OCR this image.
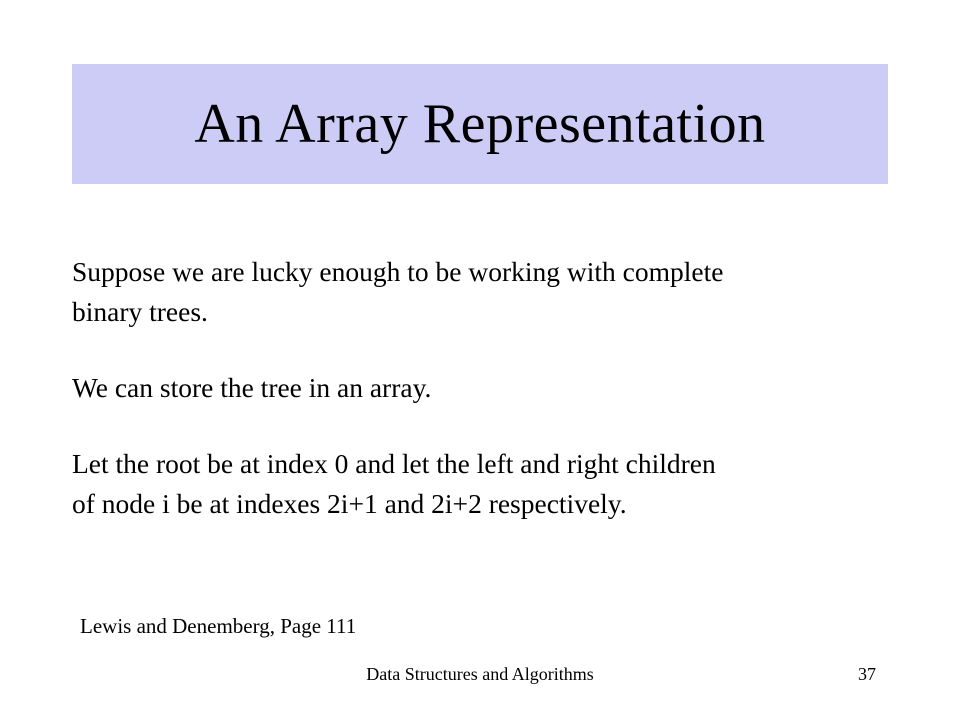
An Array Representation

Suppose we are lucky enough to be working with complete

binary trees.

We can store the tree in an array.

Let the root be at index 0 and let the left and right children

of node i be at indexes 2i+1 and 2i+2 respectively.

Lewis and Denemberg, Page 111
Data Structures and Algorithms	37
